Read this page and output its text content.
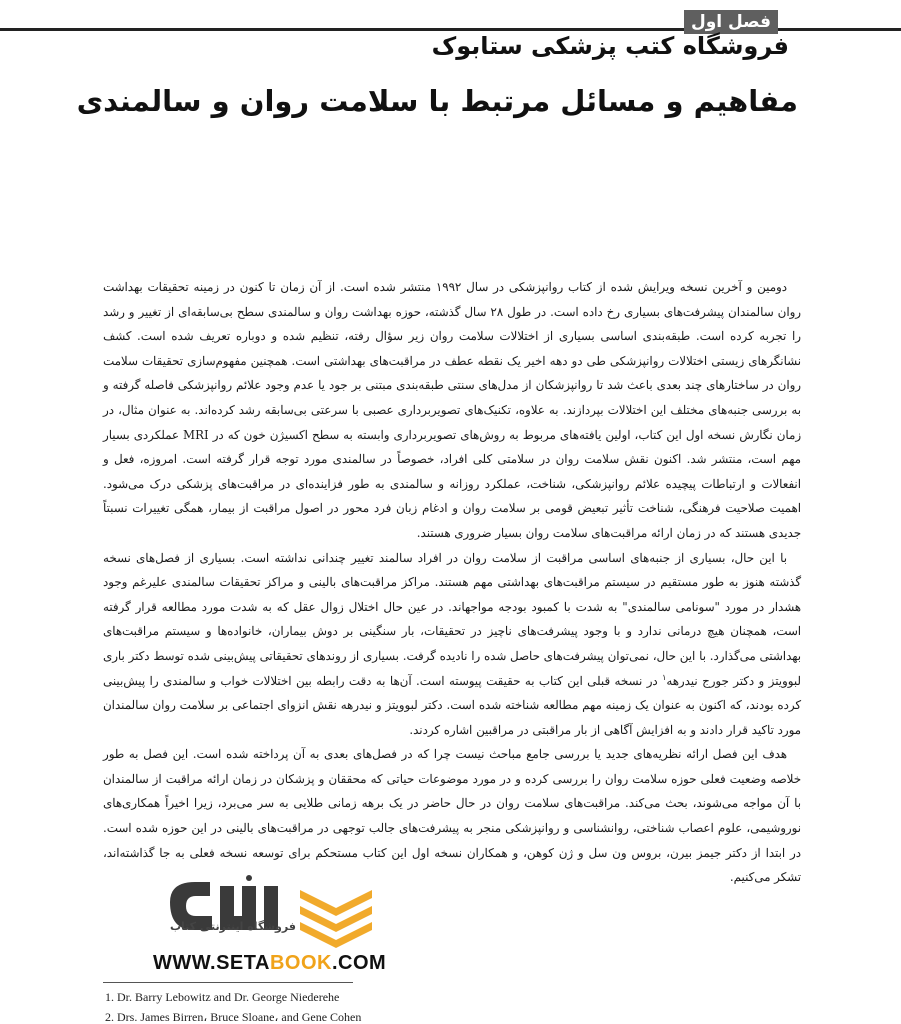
فصل اول
فروشگاه کتب پزشکی ستابوک
مفاهیم و مسائل مرتبط با سلامت روان و سالمندی

دومین و آخرین نسخه ویرایش شده از کتاب روانپزشکی در سال ۱۹۹۲ منتشر شده است. از آن زمان تا کنون در زمینه تحقیقات بهداشت روان سالمندان پیشرفت‌های بسیاری رخ داده است. در طول ۲۸ سال گذشته، حوزه بهداشت روان و سالمندی سطح بی‌سابقه‌ای از تغییر و رشد را تجربه کرده است. طبقه‌بندی اساسی بسیاری از اختلالات سلامت روان زیر سؤال رفته، تنظیم شده و دوباره تعریف شده است. کشف نشانگرهای زیستی اختلالات روانپزشکی طی دو دهه اخیر یک نقطه عطف در مراقبت‌های بهداشتی است. همچنین مفهوم‌سازی تحقیقات سلامت روان در ساختارهای چند بعدی باعث شد تا روانپزشکان از مدل‌های سنتی طبقه‌بندی مبتنی بر جود یا عدم وجود علائم روانپزشکی فاصله گرفته و به بررسی جنبه‌های مختلف این اختلالات بپردازند. به علاوه، تکنیک‌های تصویربرداری عصبی با سرعتی بی‌سابقه رشد کرده‌اند. به عنوان مثال، در زمان نگارش نسخه اول این کتاب، اولین یافته‌های مربوط به روش‌های تصویربرداری وابسته به سطح اکسیژن خون که در MRI عملکردی بسیار مهم است، منتشر شد. اکنون نقش سلامت روان در سلامتی کلی افراد، خصوصاً در سالمندی مورد توجه قرار گرفته است. امروزه، فعل و انفعالات و ارتباطات پیچیده علائم روانپزشکی، شناخت، عملکرد روزانه و سالمندی به طور فزاینده‌ای در مراقبت‌های پزشکی درک می‌شود. اهمیت صلاحیت فرهنگی، شناخت تأثیر تبعیض قومی بر سلامت روان و ادغام زبان فرد محور در اصول مراقبت از بیمار، همگی تغییرات نسبتاً جدیدی هستند که در زمان ارائه مراقبت‌های سلامت روان بسیار ضروری هستند.

با این حال، بسیاری از جنبه‌های اساسی مراقبت از سلامت روان در افراد سالمند تغییر چندانی نداشته است. بسیاری از فصل‌های نسخه گذشته هنوز به طور مستقیم در سیستم مراقبت‌های بهداشتی مهم هستند. مراکز مراقبت‌های بالینی و مراکز تحقیقات سالمندی علیرغم وجود هشدار در مورد "سونامی سالمندی" به شدت با کمبود بودجه مواجهاند. در عین حال اختلال زوال عقل که به شدت مورد مطالعه قرار گرفته است، همچنان هیچ درمانی ندارد و با وجود پیشرفت‌های ناچیز در تحقیقات، بار سنگینی بر دوش بیماران، خانواده‌ها و سیستم مراقبت‌های بهداشتی می‌گذارد. با این حال، نمی‌توان پیشرفت‌های حاصل شده را نادیده گرفت. بسیاری از روندهای تحقیقاتی پیش‌بینی شده توسط دکتر باری لبوویتز و دکتر جورج نیدرهه$^۱$ در نسخه قبلی این کتاب به حقیقت پیوسته است. آن‌ها به دقت رابطه بین اختلالات خواب و سالمندی را پیش‌بینی کرده بودند، که اکنون به عنوان یک زمینه مهم مطالعه شناخته شده است. دکتر لبوویتز و نیدرهه نقش انزوای اجتماعی بر سلامت روان سالمندان مورد تاکید قرار دادند و به افزایش آگاهی از بار مراقبتی در مراقبین اشاره کردند.

هدف این فصل ارائه نظریه‌های جدید یا بررسی جامع مباحث نیست چرا که در فصل‌های بعدی به آن پرداخته شده است. این فصل به طور خلاصه وضعیت فعلی حوزه سلامت روان را بررسی کرده و در مورد موضوعات حیاتی که محققان و پزشکان در زمان ارائه مراقبت از سالمندان با آن مواجه می‌شوند، بحث می‌کند. مراقبت‌های سلامت روان در حال حاضر در یک برهه زمانی طلایی به سر می‌برد، زیرا اخیراً همکاری‌های نوروشیمی، علوم اعصاب شناختی، روانشناسی و روانپزشکی منجر به پیشرفت‌های جالب توجهی در مراقبت‌های بالینی در این حوزه شده است. در ابتدا از دکتر جیمز بیرن، بروس ون سل و ژن کوهن، و همکاران نسخه اول این کتاب مستحکم برای توسعه نسخه فعلی به جا گذاشته‌اند، تشکر می‌کنیم.

فروشگاه اینترنتی کتاب
WWW.SETABOOK.COM
1. Dr. Barry Lebowitz and Dr. George Niederehe
2. Drs. James Birren، Bruce Sloane، and Gene Cohen
